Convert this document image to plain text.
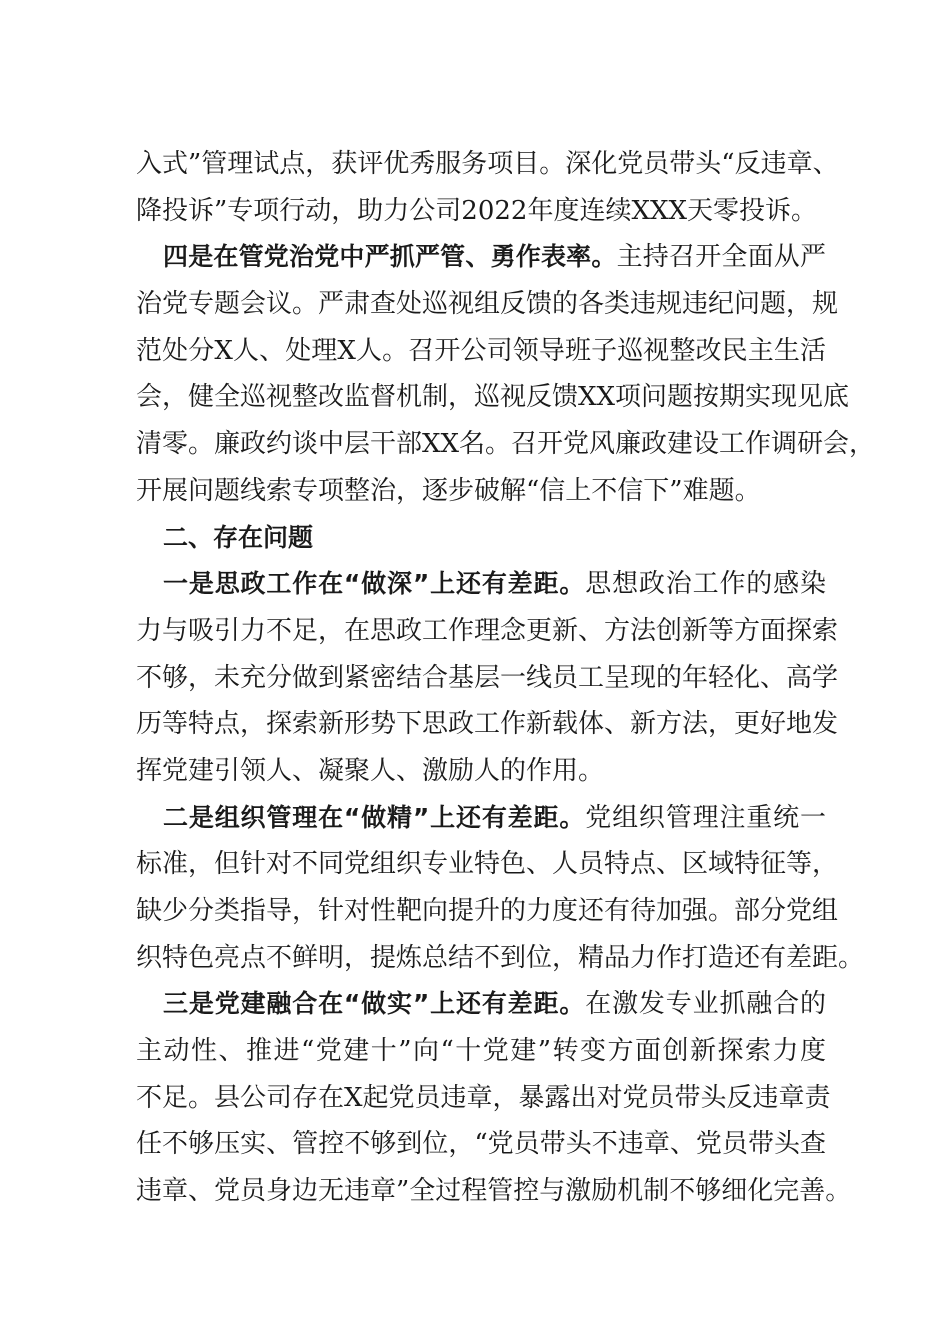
入式”管理试点，获评优秀服务项目。深化党员带头“反违章、
降投诉”专项行动，助力公司2022年度连续XXX天零投诉。
四是在管党治党中严抓严管、勇作表率。主持召开全面从严
治党专题会议。严肃查处巡视组反馈的各类违规违纪问题，规
范处分X人、处理X人。召开公司领导班子巡视整改民主生活
会，健全巡视整改监督机制，巡视反馈XX项问题按期实现见底
清零。廉政约谈中层干部XX名。召开党风廉政建设工作调研会，
开展问题线索专项整治，逐步破解“信上不信下”难题。
二、存在问题
一是思政工作在“做深”上还有差距。思想政治工作的感染
力与吸引力不足，在思政工作理念更新、方法创新等方面探索
不够，未充分做到紧密结合基层一线员工呈现的年轻化、高学
历等特点，探索新形势下思政工作新载体、新方法，更好地发
挥党建引领人、凝聚人、激励人的作用。
二是组织管理在“做精”上还有差距。党组织管理注重统一
标准，但针对不同党组织专业特色、人员特点、区域特征等，
缺少分类指导，针对性靶向提升的力度还有待加强。部分党组
织特色亮点不鲜明，提炼总结不到位，精品力作打造还有差距。
三是党建融合在“做实”上还有差距。在激发专业抓融合的
主动性、推进“党建十”向“十党建”转变方面创新探索力度
不足。县公司存在X起党员违章，暴露出对党员带头反违章责
任不够压实、管控不够到位，“党员带头不违章、党员带头查
违章、党员身边无违章”全过程管控与激励机制不够细化完善。
